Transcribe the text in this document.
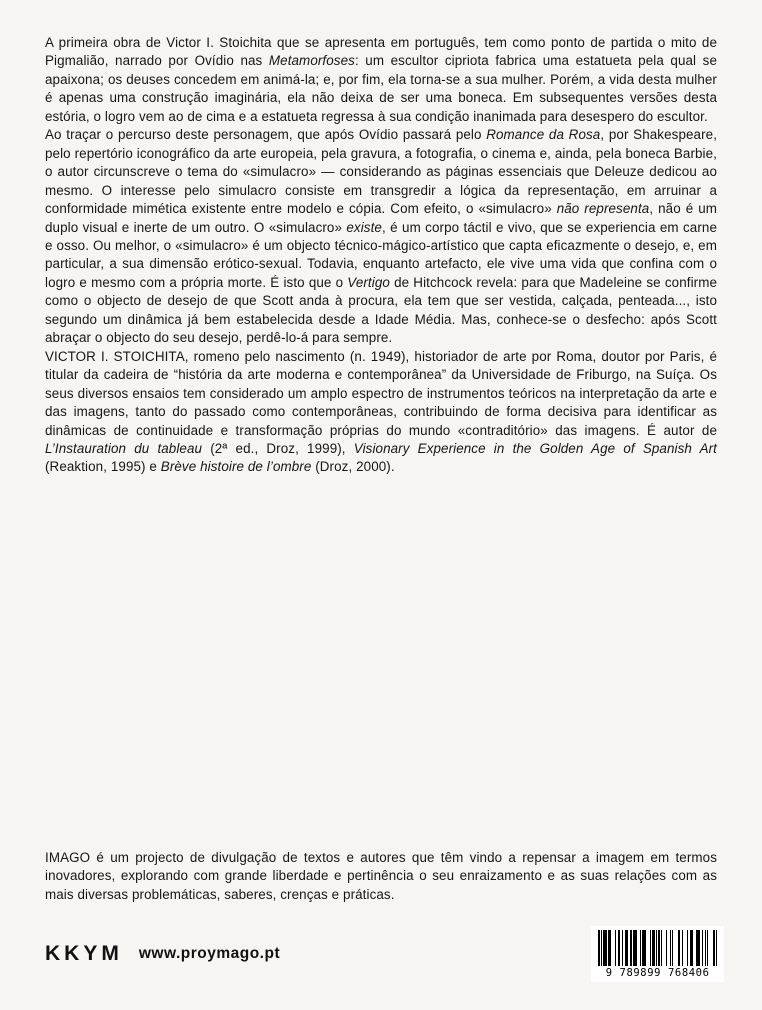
A primeira obra de Victor I. Stoichita que se apresenta em português, tem como ponto de partida o mito de Pigmalião, narrado por Ovídio nas Metamorfoses: um escultor cipriota fabrica uma estatueta pela qual se apaixona; os deuses concedem em animá-la; e, por fim, ela torna-se a sua mulher. Porém, a vida desta mulher é apenas uma construção imaginária, ela não deixa de ser uma boneca. Em subsequentes versões desta estória, o logro vem ao de cima e a estatueta regressa à sua condição inanimada para desespero do escultor.

Ao traçar o percurso deste personagem, que após Ovídio passará pelo Romance da Rosa, por Shakespeare, pelo repertório iconográfico da arte europeia, pela gravura, a fotografia, o cinema e, ainda, pela boneca Barbie, o autor circunscreve o tema do «simulacro» — considerando as páginas essenciais que Deleuze dedicou ao mesmo. O interesse pelo simulacro consiste em transgredir a lógica da representação, em arruinar a conformidade mimética existente entre modelo e cópia. Com efeito, o «simulacro» não representa, não é um duplo visual e inerte de um outro. O «simulacro» existe, é um corpo táctil e vivo, que se experiencia em carne e osso. Ou melhor, o «simulacro» é um objecto técnico-mágico-artístico que capta eficazmente o desejo, e, em particular, a sua dimensão erótico-sexual. Todavia, enquanto artefacto, ele vive uma vida que confina com o logro e mesmo com a própria morte. É isto que o Vertigo de Hitchcock revela: para que Madeleine se confirme como o objecto de desejo de que Scott anda à procura, ela tem que ser vestida, calçada, penteada..., isto segundo um dinâmica já bem estabelecida desde a Idade Média. Mas, conhece-se o desfecho: após Scott abraçar o objecto do seu desejo, perdê-lo-á para sempre.

VICTOR I. STOICHITA, romeno pelo nascimento (n. 1949), historiador de arte por Roma, doutor por Paris, é titular da cadeira de “história da arte moderna e contemporânea” da Universidade de Friburgo, na Suíça. Os seus diversos ensaios tem considerado um amplo espectro de instrumentos teóricos na interpretação da arte e das imagens, tanto do passado como contemporâneas, contribuindo de forma decisiva para identificar as dinâmicas de continuidade e transformação próprias do mundo «contraditório» das imagens. É autor de L’Instauration du tableau (2ª ed., Droz, 1999), Visionary Experience in the Golden Age of Spanish Art (Reaktion, 1995) e Brève histoire de l’ombre (Droz, 2000).

IMAGO é um projecto de divulgação de textos e autores que têm vindo a repensar a imagem em termos inovadores, explorando com grande liberdade e pertinência o seu enraizamento e as suas relações com as mais diversas problemáticas, saberes, crenças e práticas.

KKYM www.proymago.pt
9 789899 768406
